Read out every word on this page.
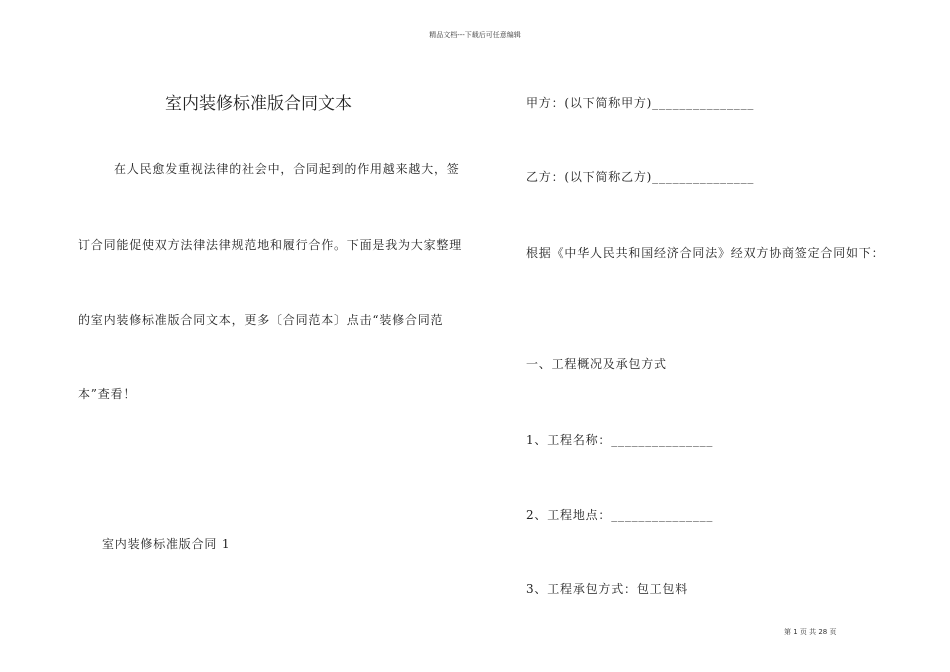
精品文档---下载后可任意编辑
室内装修标准版合同文本
在人民愈发重视法律的社会中，合同起到的作用越来越大，签
订合同能促使双方法律法律规范地和履行合作。下面是我为大家整理
的室内装修标准版合同文本，更多〔合同范本〕点击“装修合同范
本”查看！
室内装修标准版合同 1
甲方：(以下简称甲方)_______________
乙方：(以下简称乙方)_______________
根据《中华人民共和国经济合同法》经双方协商签定合同如下：
一、工程概况及承包方式
1、工程名称：_______________
2、工程地点：_______________
3、工程承包方式：包工包料
第 1 页 共 28 页
